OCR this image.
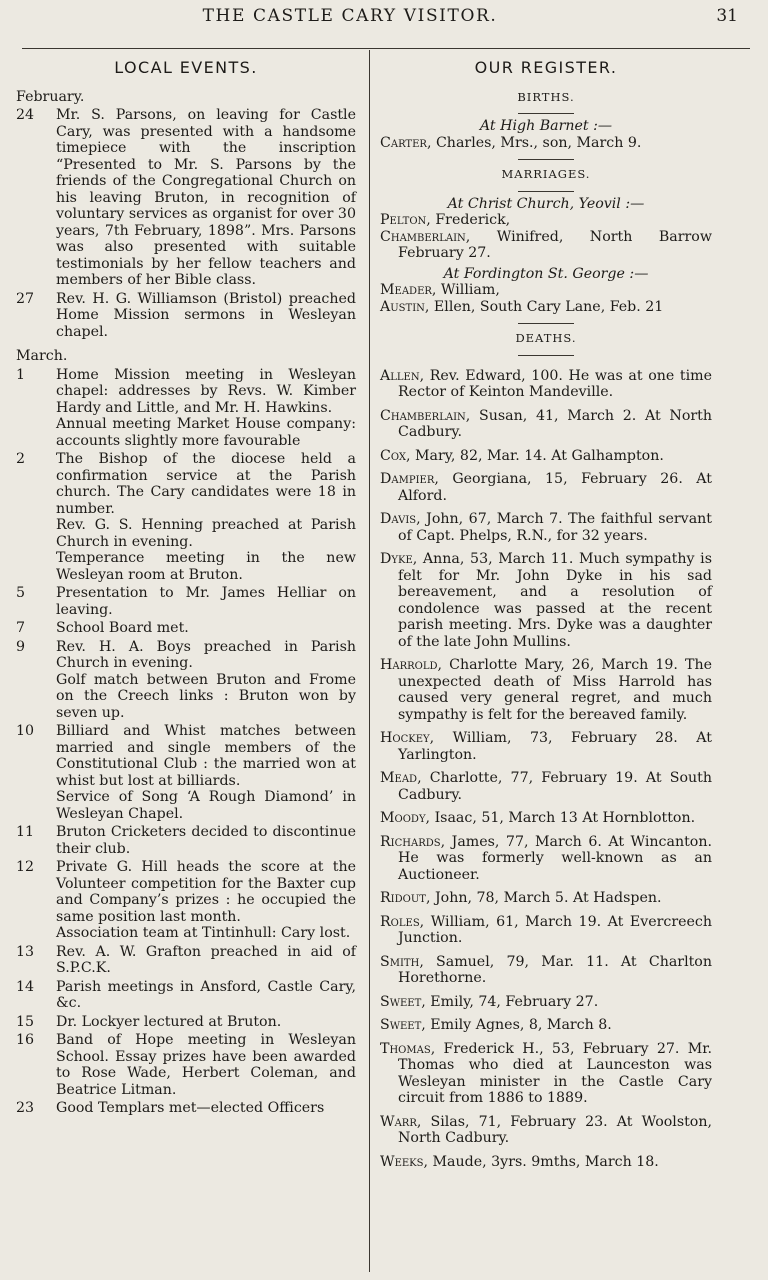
THE CASTLE CARY VISITOR.	31
LOCAL EVENTS.
February.
24	Mr. S. Parsons, on leaving for Castle Cary, was presented with a handsome timepiece with the inscription “Presented to Mr. S. Parsons by the friends of the Congregational Church on his leaving Bruton, in recognition of voluntary services as organist for over 30 years, 7th February, 1898”. Mrs. Parsons was also presented with suitable testimonials by her fellow teachers and members of her Bible class.

27	Rev. H. G. Williamson (Bristol) preached Home Mission sermons in Wesleyan chapel.

March.
1	Home Mission meeting in Wesleyan chapel: addresses by Revs. W. Kimber Hardy and Little, and Mr. H. Hawkins.

Annual meeting Market House company: accounts slightly more favourable

2	The Bishop of the diocese held a confirmation service at the Parish church. The Cary candidates were 18 in number.

Rev. G. S. Henning preached at Parish Church in evening.

Temperance meeting in the new Wesleyan room at Bruton.

5	Presentation to Mr. James Helliar on leaving.

7	School Board met.

9	Rev. H. A. Boys preached in Parish Church in evening.

Golf match between Bruton and Frome on the Creech links : Bruton won by seven up.

10	Billiard and Whist matches between married and single members of the Constitutional Club : the married won at whist but lost at billiards.

Service of Song ‘A Rough Diamond’ in Wesleyan Chapel.

11	Bruton Cricketers decided to discontinue their club.

12	Private G. Hill heads the score at the Volunteer competition for the Baxter cup and Company’s prizes : he occupied the same position last month.

Association team at Tintinhull: Cary lost.

13	Rev. A. W. Grafton preached in aid of S.P.C.K.

14	Parish meetings in Ansford, Castle Cary, &c.

15	Dr. Lockyer lectured at Bruton.

16	Band of Hope meeting in Wesleyan School. Essay prizes have been awarded to Rose Wade, Herbert Coleman, and Beatrice Litman.

23	Good Templars met—elected Officers

OUR REGISTER.
BIRTHS.
At High Barnet :—
Carter, Charles, Mrs., son, March 9.
MARRIAGES.
At Christ Church, Yeovil :—
Pelton, Frederick,
Chamberlain, Winifred, North Barrow February 27.
At Fordington St. George :—
Meader, William,
Austin, Ellen, South Cary Lane, Feb. 21
DEATHS.
Allen, Rev. Edward, 100. He was at one time Rector of Keinton Mandeville.
Chamberlain, Susan, 41, March 2. At North Cadbury.
Cox, Mary, 82, Mar. 14. At Galhampton.
Dampier, Georgiana, 15, February 26. At Alford.
Davis, John, 67, March 7. The faithful servant of Capt. Phelps, R.N., for 32 years.
Dyke, Anna, 53, March 11. Much sympathy is felt for Mr. John Dyke in his sad bereavement, and a resolution of condolence was passed at the recent parish meeting. Mrs. Dyke was a daughter of the late John Mullins.
Harrold, Charlotte Mary, 26, March 19. The unexpected death of Miss Harrold has caused very general regret, and much sympathy is felt for the bereaved family.
Hockey, William, 73, February 28. At Yarlington.
Mead, Charlotte, 77, February 19. At South Cadbury.
Moody, Isaac, 51, March 13 At Hornblotton.
Richards, James, 77, March 6. At Wincanton. He was formerly well-known as an Auctioneer.
Ridout, John, 78, March 5. At Hadspen.
Roles, William, 61, March 19. At Evercreech Junction.
Smith, Samuel, 79, Mar. 11. At Charlton Horethorne.
Sweet, Emily, 74, February 27.
Sweet, Emily Agnes, 8, March 8.
Thomas, Frederick H., 53, February 27. Mr. Thomas who died at Launceston was Wesleyan minister in the Castle Cary circuit from 1886 to 1889.
Warr, Silas, 71, February 23. At Woolston, North Cadbury.
Weeks, Maude, 3yrs. 9mths, March 18.
